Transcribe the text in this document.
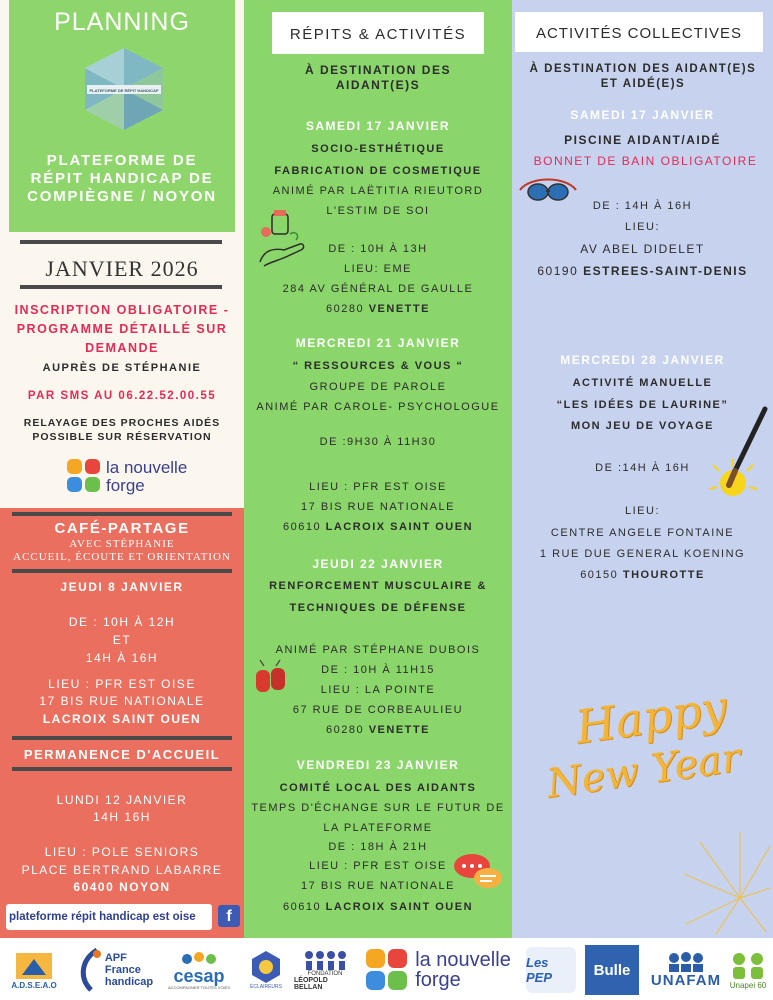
PLANNING
PLATEFORME DE RÉPIT HANDICAP
PLATEFORME DE RÉPIT HANDICAP DE COMPIÈGNE / NOYON
JANVIER 2026
INSCRIPTION OBLIGATOIRE - PROGRAMME DÉTAILLÉ SUR DEMANDE
AUPRÈS DE STÉPHANIE
PAR SMS AU 06.22.52.00.55
RELAYAGE DES PROCHES AIDÉS POSSIBLE SUR RÉSERVATION
la nouvelle
forge
CAFÉ-PARTAGE
AVEC STÉPHANIE
ACCUEIL, ÉCOUTE ET ORIENTATION
JEUDI 8 JANVIER
DE : 10H À 12H
ET
14H À 16H
LIEU : PFR EST OISE
17 BIS RUE NATIONALE
LACROIX SAINT OUEN
PERMANENCE D'ACCUEIL
LUNDI 12 JANVIER
14H 16H
LIEU : POLE SENIORS
PLACE BERTRAND LABARRE
60400 NOYON
plateforme répit handicap est oise	f
RÉPITS & ACTIVITÉS
À DESTINATION DES AIDANT(E)S
SAMEDI 17 JANVIER
SOCIO-ESTHÉTIQUE
FABRICATION DE COSMETIQUE
ANIMÉ PAR LAËTITIA RIEUTORD
L'ESTIM DE SOI
DE : 10H À 13H
LIEU: EME
284 AV GÉNÉRAL DE GAULLE
60280 VENETTE
MERCREDI 21 JANVIER
“ RESSOURCES & VOUS “
GROUPE DE PAROLE
ANIMÉ PAR CAROLE- PSYCHOLOGUE
DE :9H30 À 11H30
LIEU : PFR EST OISE
17 BIS RUE NATIONALE
60610 LACROIX SAINT OUEN
JEUDI 22 JANVIER
RENFORCEMENT MUSCULAIRE &
TECHNIQUES DE DÉFENSE
ANIMÉ PAR STÉPHANE DUBOIS
DE : 10H À 11H15
LIEU : LA POINTE
67 RUE DE CORBEAULIEU
60280 VENETTE
VENDREDI 23 JANVIER
COMITÉ LOCAL DES AIDANTS
TEMPS D'ÉCHANGE SUR LE FUTUR DE
LA PLATEFORME
DE : 18H À 21H
LIEU : PFR EST OISE
17 BIS RUE NATIONALE
60610 LACROIX SAINT OUEN
ACTIVITÉS COLLECTIVES
À DESTINATION DES AIDANT(E)S ET AIDÉ(E)S
SAMEDI 17 JANVIER
PISCINE AIDANT/AIDÉ
BONNET DE BAIN OBLIGATOIRE
DE : 14H À 16H
LIEU:
AV ABEL DIDELET
60190 ESTREES-SAINT-DENIS
MERCREDI 28 JANVIER
ACTIVITÉ MANUELLE
“LES IDÉES DE LAURINE”
MON JEU DE VOYAGE
DE :14H À 16H
LIEU:
CENTRE ANGELE FONTAINE
1 RUE DUE GENERAL KOENING
60150 THOUROTTE
Happy
New Year
A.D.S.E.A.O
APF
France
handicap cesap
ACCOMPAGNER TOUTES VOIES	ÉCLAIREURS
FONDATION
LÉOPOLD BELLAN
la nouvelle
forge
Les PEP	Bulle
UNAFAM Unapei 60
